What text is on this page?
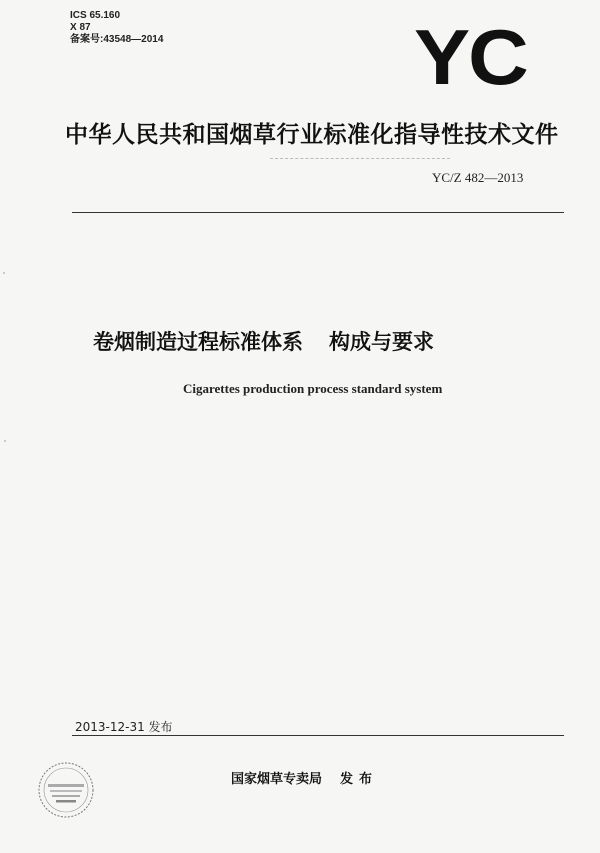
ICS 65.160
X 87
备案号:43548—2014	YC
中华人民共和国烟草行业标准化指导性技术文件
YC/Z 482—2013
卷烟制造过程标准体系 构成与要求
Cigarettes production process standard system
2013-12-31 发布
国家烟草专卖局 发布
